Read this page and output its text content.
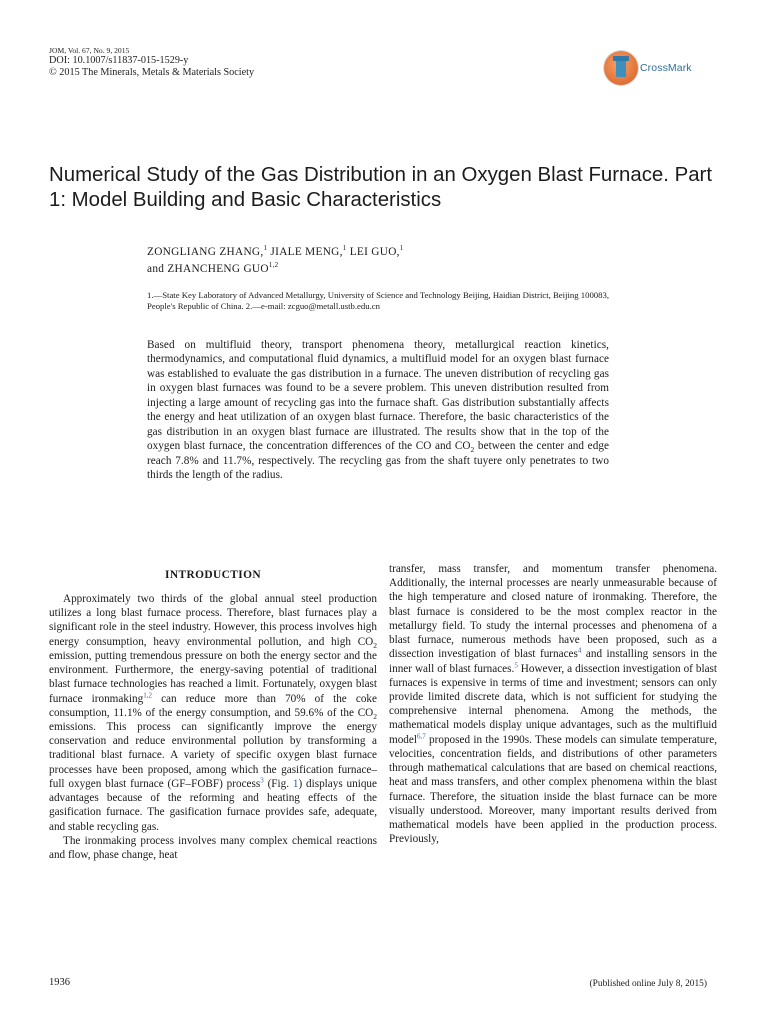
JOM, Vol. 67, No. 9, 2015
DOI: 10.1007/s11837-015-1529-y
© 2015 The Minerals, Metals & Materials Society	CrossMark
Numerical Study of the Gas Distribution in an Oxygen Blast Furnace. Part 1: Model Building and Basic Characteristics
ZONGLIANG ZHANG,$^1$ JIALE MENG,$^1$ LEI GUO,$^1$
and ZHANCHENG GUO$^{1,2}$
1.—State Key Laboratory of Advanced Metallurgy, University of Science and Technology Beijing, Haidian District, Beijing 100083, People's Republic of China. 2.—e-mail: zcguo@metall.ustb.edu.cn
Based on multifluid theory, transport phenomena theory, metallurgical reaction kinetics, thermodynamics, and computational fluid dynamics, a multifluid model for an oxygen blast furnace was established to evaluate the gas distribution in a furnace. The uneven distribution of recycling gas in oxygen blast furnaces was found to be a severe problem. This uneven distribution resulted from injecting a large amount of recycling gas into the furnace shaft. Gas distribution substantially affects the energy and heat utilization of an oxygen blast furnace. Therefore, the basic characteristics of the gas distribution in an oxygen blast furnace are illustrated. The results show that in the top of the oxygen blast furnace, the concentration differences of the CO and $CO_2$ between the center and edge reach 7.8% and 11.7%, respectively. The recycling gas from the shaft tuyere only penetrates to two thirds the length of the radius.
INTRODUCTION

Approximately two thirds of the global annual steel production utilizes a long blast furnace process. Therefore, blast furnaces play a significant role in the steel industry. However, this process involves high energy consumption, heavy environmental pollution, and high $CO_2$ emission, putting tremendous pressure on both the energy sector and the environment. Furthermore, the energy-saving potential of traditional blast furnace technologies has reached a limit. Fortunately, oxygen blast furnace ironmaking$^{1,2}$ can reduce more than 70% of the coke consumption, 11.1% of the energy consumption, and 59.6% of the $CO_2$ emissions. This process can significantly improve the energy conservation and reduce environmental pollution by transforming a traditional blast furnace. A variety of specific oxygen blast furnace processes have been proposed, among which the gasification furnace–full oxygen blast furnace (GF–FOBF) process$^3$ (Fig. 1) displays unique advantages because of the reforming and heating effects of the gasification furnace. The gasification furnace provides safe, adequate, and stable recycling gas.

The ironmaking process involves many complex chemical reactions and flow, phase change, heat

transfer, mass transfer, and momentum transfer phenomena. Additionally, the internal processes are nearly unmeasurable because of the high temperature and closed nature of ironmaking. Therefore, the blast furnace is considered to be the most complex reactor in the metallurgy field. To study the internal processes and phenomena of a blast furnace, numerous methods have been proposed, such as a dissection investigation of blast furnaces$^4$ and installing sensors in the inner wall of blast furnaces.$^5$ However, a dissection investigation of blast furnaces is expensive in terms of time and investment; sensors can only provide limited discrete data, which is not sufficient for studying the comprehensive internal phenomena. Among the methods, the mathematical models display unique advantages, such as the multifluid model$^{6,7}$ proposed in the 1990s. These models can simulate temperature, velocities, concentration fields, and distributions of other parameters through mathematical calculations that are based on chemical reactions, heat and mass transfers, and other complex phenomena within the blast furnace. Therefore, the situation inside the blast furnace can be more visually understood. Moreover, many important results derived from mathematical models have been applied in the production process. Previously,

1936	(Published online July 8, 2015)
